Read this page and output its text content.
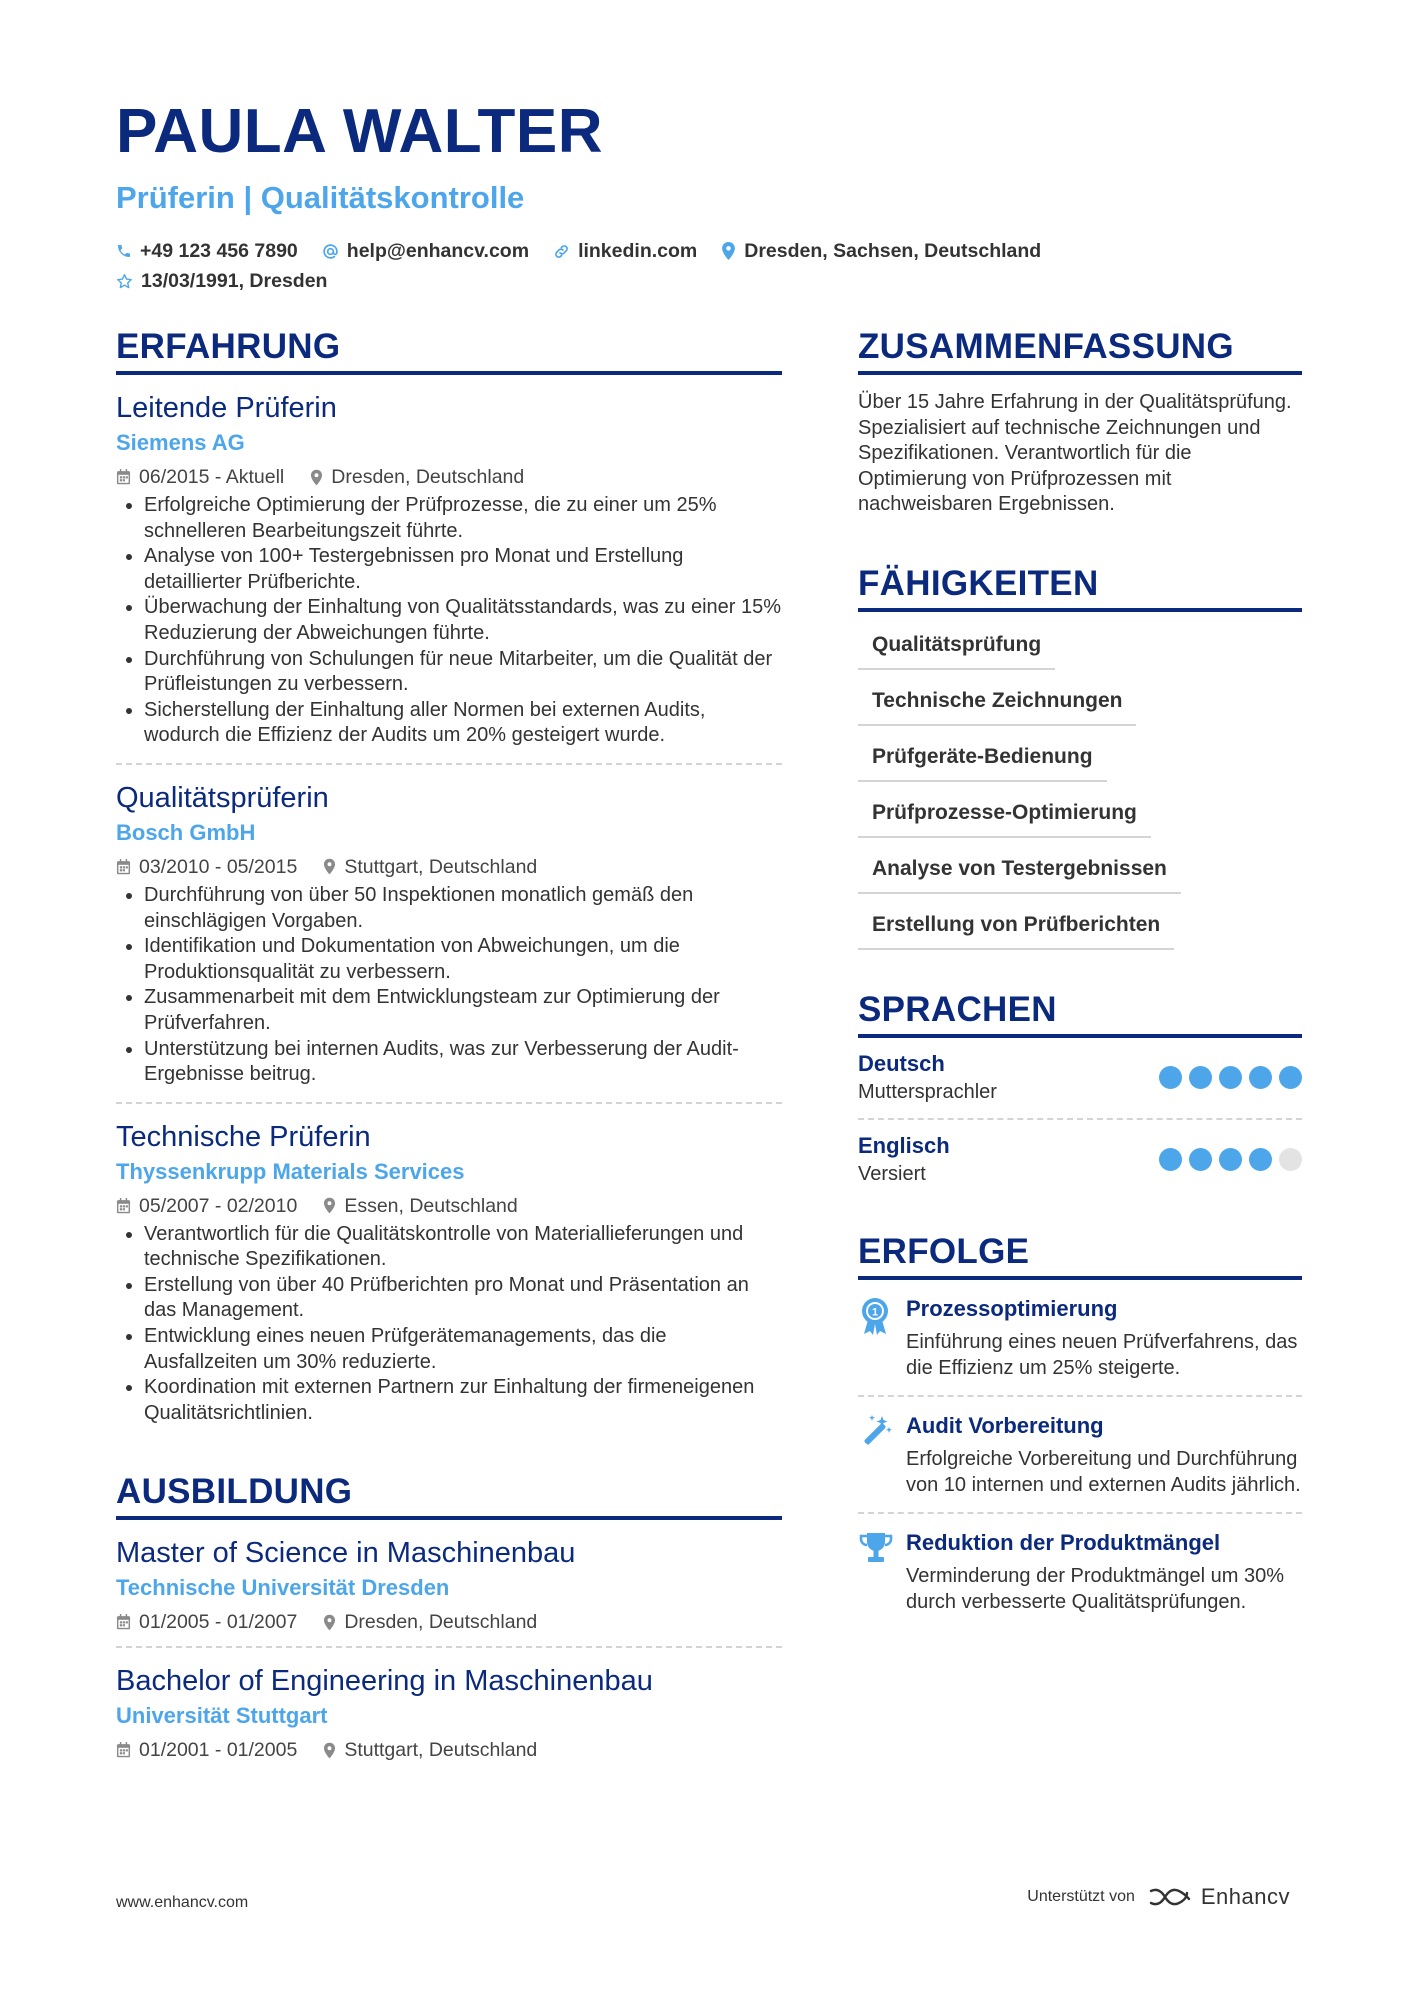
PAULA WALTER
Prüferin | Qualitätskontrolle
+49 123 456 7890	help@enhancv.com	linkedin.com Dresden, Sachsen, Deutschland
13/03/1991, Dresden
ERFAHRUNG
Leitende Prüferin
Siemens AG
06/2015 - Aktuell Dresden, Deutschland
• Erfolgreiche Optimierung der Prüfprozesse, die zu einer um 25% schnelleren Bearbeitungszeit führte.
• Analyse von 100+ Testergebnissen pro Monat und Erstellung detaillierter Prüfberichte.
• Überwachung der Einhaltung von Qualitätsstandards, was zu einer 15% Reduzierung der Abweichungen führte.
• Durchführung von Schulungen für neue Mitarbeiter, um die Qualität der Prüfleistungen zu verbessern.
• Sicherstellung der Einhaltung aller Normen bei externen Audits, wodurch die Effizienz der Audits um 20% gesteigert wurde.
Qualitätsprüferin
Bosch GmbH
03/2010 - 05/2015 Stuttgart, Deutschland
• Durchführung von über 50 Inspektionen monatlich gemäß den einschlägigen Vorgaben.
• Identifikation und Dokumentation von Abweichungen, um die Produktionsqualität zu verbessern.
• Zusammenarbeit mit dem Entwicklungsteam zur Optimierung der Prüfverfahren.
• Unterstützung bei internen Audits, was zur Verbesserung der Audit-Ergebnisse beitrug.
Technische Prüferin
Thyssenkrupp Materials Services
05/2007 - 02/2010 Essen, Deutschland
• Verantwortlich für die Qualitätskontrolle von Materiallieferungen und technische Spezifikationen.
• Erstellung von über 40 Prüfberichten pro Monat und Präsentation an das Management.
• Entwicklung eines neuen Prüfgerätemanagements, das die Ausfallzeiten um 30% reduzierte.
• Koordination mit externen Partnern zur Einhaltung der firmeneigenen Qualitätsrichtlinien.
AUSBILDUNG
Master of Science in Maschinenbau
Technische Universität Dresden
01/2005 - 01/2007 Dresden, Deutschland
Bachelor of Engineering in Maschinenbau
Universität Stuttgart
01/2001 - 01/2005 Stuttgart, Deutschland
ZUSAMMENFASSUNG
Über 15 Jahre Erfahrung in der Qualitätsprüfung. Spezialisiert auf technische Zeichnungen und Spezifikationen. Verantwortlich für die Optimierung von Prüfprozessen mit nachweisbaren Ergebnissen.
FÄHIGKEITEN
Qualitätsprüfung
Technische Zeichnungen
Prüfgeräte-Bedienung
Prüfprozesse-Optimierung
Analyse von Testergebnissen
Erstellung von Prüfberichten
SPRACHEN
Deutsch
Muttersprachler
Englisch
Versiert
ERFOLGE
1 Prozessoptimierung
Einführung eines neuen Prüfverfahrens, das die Effizienz um 25% steigerte.
Audit Vorbereitung
Erfolgreiche Vorbereitung und Durchführung von 10 internen und externen Audits jährlich.
Reduktion der Produktmängel
Verminderung der Produktmängel um 30% durch verbesserte Qualitätsprüfungen.
www.enhancv.com	Unterstützt von	Enhancv
